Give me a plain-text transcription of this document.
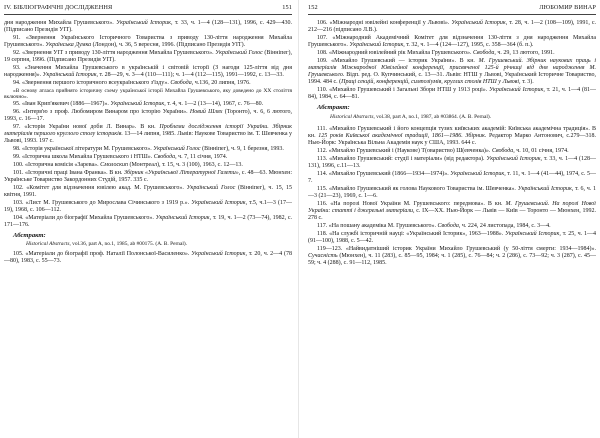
IV. БІБЛІОГРАФІЧНІ ДОСЛІДЖЕННЯ	151
дня народження Михайла Грушевського». Український Історик, т. 33, ч. 1—4 (128—131), 1996, с. 429—430. (Підписано Президія УІТ).
91. «Звернення Українського Історичного Товариства з приводу 130-ліття народження Михайла Грушевського». Українська Думка (Лондон), ч. 36, 5 вересня, 1996. (Підписано Президія УІТ).
92. «Звернення УІТ з приводу 130-ліття народження Михайла Грушевського». Український Голос (Вінніпег), 19 серпня, 1996. (Підписано Президія УІТ).
93. «Значення Михайла Грушевського в українській і світовій історії (З нагоди 125-ліття від дня народження)». Український Історик, т. 28—29, ч. 3—4 (110—111); ч. 1—4 (112—115), 1991—1992, с. 13—33.
94. «Звернення першого історичного всеукраїнського з'їзду». Свобода, ч.136, 20 липня, 1976.
«В основу атласа прийнято історичну схему української історії Михайла Грушевського, яку доведено до XX століття включно».
95. «Іван Крип'якевич (1886—1967)». Український Історик, т. 4, ч. 1—2 (13—14), 1967, с. 76—80.
96. «Інтерв'ю з проф. Любомиром Винаром про історію України». Новий Шлях (Торонто), ч. 6, 6 лютого, 1993, с. 16—17.
97. «Історія України нової доби Л. Винар». В кн. Проблеми дослідження історії України. Збірник матеріалів першого круглого столу істориків. 13—14 липня, 1985. Львів: Наукове Товариство ім. Т. Шевченка у Львові, 1993. 197 с.
98. «Історія української літератури М. Грушевського». Український Голос (Вінніпег), ч. 9, 1 березня, 1993.
99. «Історична школа Михайла Грушевського і НТШ». Свобода, ч. 7, 11 січня, 1974.
100. «Історична комісія «Зарева». Смолоскип (Монтреал), т. 15, ч. 3 (100), 1963, с. 12—13.
101. «Історичні праці Івана Франка». В кн. Збірник «Української Літературної Газети», с. 48—63. Мюнхен: Українське Товариство Закордонних Студій, 1957. 335 с.
102. «Комітет для відзначення ювілею акад. М. Грушевського». Український Голос (Вінніпег), ч. 15, 15 квітня, 1991.
103. «Лист М. Грушевського до Мирослава Січинського з 1919 р.». Український Історик, т.5, ч.1—3 (17—19), 1968, с. 106—112.
104. «Матеріали до біографії Михайла Грушевського». Український Історик, т. 19, ч. 1—2 (73—74), 1982, с. 171—176.
Абстракт:
Historical Abstracts, vol.36, part A, no.1, 1985, ab #00175. (A. B. Pernal).
105. «Матеріали до біографії проф. Наталії Полонської-Василенко». Український Історик, т. 20, ч. 2—4 (78—80), 1983, с. 55—73.
152	ЛЮБОМИР ВИНАР
106. «Міжнародні ювілейні конференції у Львові». Український Історик, т. 28, ч. 1—2 (108—109), 1991, с. 212—216 (підписано Л.В.).
107. «Міжнародний Академічний Комітет для відзначення 130-ліття з дня народження Михайла Грушевського». Український Історик, т. 32, ч. 1—4 (124—127), 1995, с. 358—364 (б. п.).
108. «Міжнародний ювілейний рік Михайла Грушевського». Свобода, ч. 29, 13 лютого, 1991.
109. «Михайло Грушевський — історик України». В кн. М. Грушевський. Збірник наукових праць і матеріалів Міжнародної Ювілейної конференції, присвяченої 125-й річниці від дня народження М. Грушевського. Відп. ред. О. Купчинський, с. 13—31. Львів: НТШ у Львові, Український Історичне Товариство, 1994. 484 с. (Праці секцій, конференцій, симпозіумів, круглих столів НТШ у Львові, т. 3).
110. «Михайло Грушевський і Загальні Збори НТШ у 1913 році». Український Історик, т. 21, ч. 1—4 (81—84), 1984, с. 64—81.
Абстракт:
Historical Abstracts, vol.38, part A, no.1, 1987, ab #03864. (A. B. Pernal).
111. «Михайло Грушевський і його концепція тузих київських академій: Київська академічна традиція». В кн. 125 років Київської академічної традиції, 1861—1986. Збірник. Редактор Марко Антонович, с.279—318. Нью-Йорк: Українська Вільна Академія наук у США, 1993. 644 с.
112. «Михайло Грушевський і (Наукове) Т(овариство) Ш(евченка)». Свобода, ч. 10, 01 січня, 1974.
113. «Михайло Грушевський: студії і матеріали» (від редактора). Український Історик, т. 33, ч. 1—4 (128—131), 1996, с.11—13.
114. «Михайло Грушевський (1866—1934—1974)». Український Історик, т. 11, ч. 1—4 (41—44), 1974, с. 5—7.
115. «Михайло Грушевський як голова Наукового Товариства ім. Шевченка». Український Історик, т. 6, ч. 1—3 (21—23), 1969, с. 1—6.
116. «На порозі Нової України М. Грушевського: передмова». В кн. М. Грушевський. На порозі Нової України: статті і джерельні матеріали, с. IX—XX. Нью-Йорк — Львів — Київ — Торонто — Мюнхен, 1992. 278 с.
117. «На пошану академіка М. Грушевського». Свобода, ч. 224, 24 листопада, 1984, с. 3—4.
118. «На службі історичній науці: «Український Історик», 1963—1988». Український Історик, т. 25, ч. 1—4 (91—100), 1988, с. 5—42.
119—123. «Найвидатніший історик України Михайло Грушевський (у 50-ліття смерти: 1934—1984)». Сучасність (Мюнхен), ч. 11 (283), с. 85—95, 1984; ч. 1 (285), с. 76—84; ч. 2 (286), с. 73—92; ч. 3 (287), с. 45—59; ч. 4 (288), с. 91—112, 1985.
